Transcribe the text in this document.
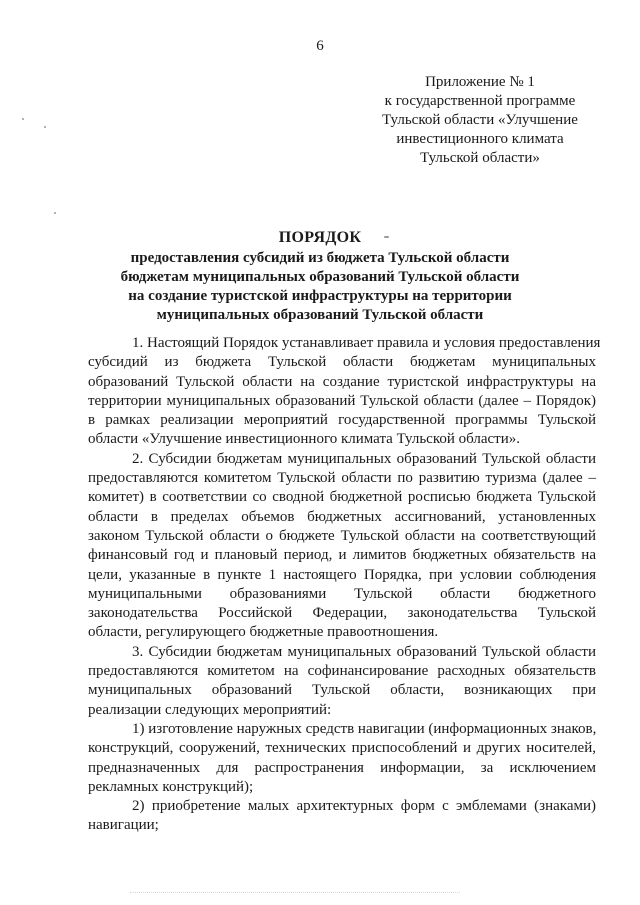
6
Приложение № 1
к государственной программе
Тульской области «Улучшение
инвестиционного климата
Тульской области»
ПОРЯДОК
предоставления субсидий из бюджета Тульской области
бюджетам муниципальных образований Тульской области
на создание туристской инфраструктуры на территории
муниципальных образований Тульской области
1. Настоящий Порядок устанавливает правила и условия предоставления
субсидий из бюджета Тульской области бюджетам муниципальных
образований Тульской области на создание туристской инфраструктуры на
территории муниципальных образований Тульской области (далее – Порядок)
в рамках реализации мероприятий государственной программы Тульской
области «Улучшение инвестиционного климата Тульской области».
2. Субсидии бюджетам муниципальных образований Тульской области
предоставляются комитетом Тульской области по развитию туризма (далее –
комитет) в соответствии со сводной бюджетной росписью бюджета Тульской
области в пределах объемов бюджетных ассигнований, установленных
законом Тульской области о бюджете Тульской области на соответствующий
финансовый год и плановый период, и лимитов бюджетных обязательств на
цели, указанные в пункте 1 настоящего Порядка, при условии соблюдения
муниципальными образованиями Тульской области бюджетного
законодательства Российской Федерации, законодательства Тульской
области, регулирующего бюджетные правоотношения.
3. Субсидии бюджетам муниципальных образований Тульской области
предоставляются комитетом на софинансирование расходных обязательств
муниципальных образований Тульской области, возникающих при
реализации следующих мероприятий:
1) изготовление наружных средств навигации (информационных знаков,
конструкций, сооружений, технических приспособлений и других носителей,
предназначенных для распространения информации, за исключением
рекламных конструкций);
2) приобретение малых архитектурных форм с эмблемами (знаками)
навигации;
